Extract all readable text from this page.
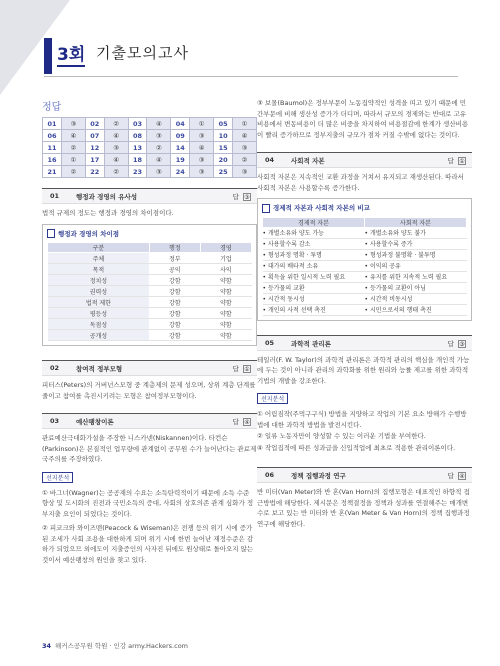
3회 기출모의고사
정답
01	③	02	②	03	④	04	①	05	①
06	④	07	④	08	③	09	③	10	④
11	②	12	③	13	②	14	④	15	③
16	①	17	④	18	④	19	③	20	②
21	②	22	②	23	③	24	③	25	③
01	행정과 경영의 유사성	답 ③

법적 규제의 정도는 행정과 경영의 차이점이다.

행정과 경영의 차이점
구분	행정	경영
주체	정부	기업
목적	공익	사익
정치성	강함	약함
권력성	강함	약함
법적 제한	강함	약함
평등성	강함	약함
독점성	강함	약함
공개성	강함	약함
02	참여적 정부모형	답 ①

피터스(Peters)의 거버넌스모형 중 계층제의 문제 성으며, 상위 계층 단계를 줄이고 참여를 촉진시키려는 모형은 참여정부모형이다.

03	예산팽창이론	답 ④

관료예산극대화가설을 주장한 니스카넨(Niskannen)이다. 타컨슨(Parkinson)은 본질적인 업무량에 관계없이 공무원 수가 늘어난다는 관료제국주의를 주장하였다.

선지분석

① 바그너(Wagner)는 공공재의 수요는 소득탄력적이기 때문에 소득 수준 향상 및 도시화의 진전과 국민소득의 증대, 사회의 상호의존 관계 심화가 정부지출 요인이 되었다는 것이다.

② 피코크와 와이즈맨(Peacock & Wiseman)은 전쟁 등의 위기 시에 증가된 조세가 사회 조용을 대한하게 되며 위기 시에 한번 늘어난 재정수준은 감하가 되었으므 외에도이 지출증인의 사자진 뒤에도 원상태로 돌아오지 않는 것이서 예산팽창의 원인을 찾고 있다.

③ 보몰(Baumol)은 정부부문이 노동집약적인 성격을 띠고 있기 때문에 민간부문에 비해 생산성 증가가 더디며, 따라서 규모의 경제와는 반대로 고유비용에서 변동비용이 더 많은 비중을 차지하여 비용절감에 한계가 생산비용이 빨리 증가하므로 정부지출의 규모가 점차 커질 수밖에 없다는 것이다.

04	사회적 자본	답 ①

사회적 자본은 지속적인 교환 과정을 거쳐서 유지되고 재생산된다. 따라서 사회적 자본은 사용할수록 증가한다.

경제적 자본과 사회적 자본의 비교
경제적 자본	사회적 자본
• 개별소유와 양도 가능	• 개별소유와 양도 불가
• 사용할수록 감소	• 사용할수록 증가
• 형성과정 명확 · 투명	• 형성과정 불명확 · 불투명
• 대가의 배타적 소유	• 이익의 공유
• 획득을 위한 일시적 노력 필요	• 유지를 위한 지속적 노력 필요
• 등가물의 교환	• 등가물의 교환이 아님
• 시간적 동시성	• 시간적 비동시성
• 개인의 사적 선택 촉진	• 시민으로서의 행태 촉진
05	과학적 관리론	답 ③

테일러(F. W. Taylor)의 과학적 관리론은 과학적 관리의 핵심을 개인적 가능에 두는 것이 아니라 관리의 과학화를 위한 원리와 능률 제고를 위한 과학적 기법의 개발을 강조한다.

선지분석

① 어림짐작(주먹구구식) 방법을 지양하고 작업의 기본 요소 방해가 수행방법에 대한 과학적 방법을 발전시킨다.

② 일류 노동자만이 양성할 수 있는 이러운 기법을 부여한다.

④ 작업집적에 따른 성과급을 신입적업에 최초로 적용한 관리이론이다.

06	정책 집행과정 연구	답 ④

반 미터(Van Meter)와 반 혼(Van Horn)의 집행모형은 대표적인 하향적 접근방법에 해당한다. 제시문은 정책결정을 정책과 성과를 연결해주는 매개변수로 보고 있는 반 미터와 반 혼(Van Meter & Van Horn)의 정책 집행과정 연구에 해당한다.

34 해커스공무원 학원 · 인강 army.Hackers.com
